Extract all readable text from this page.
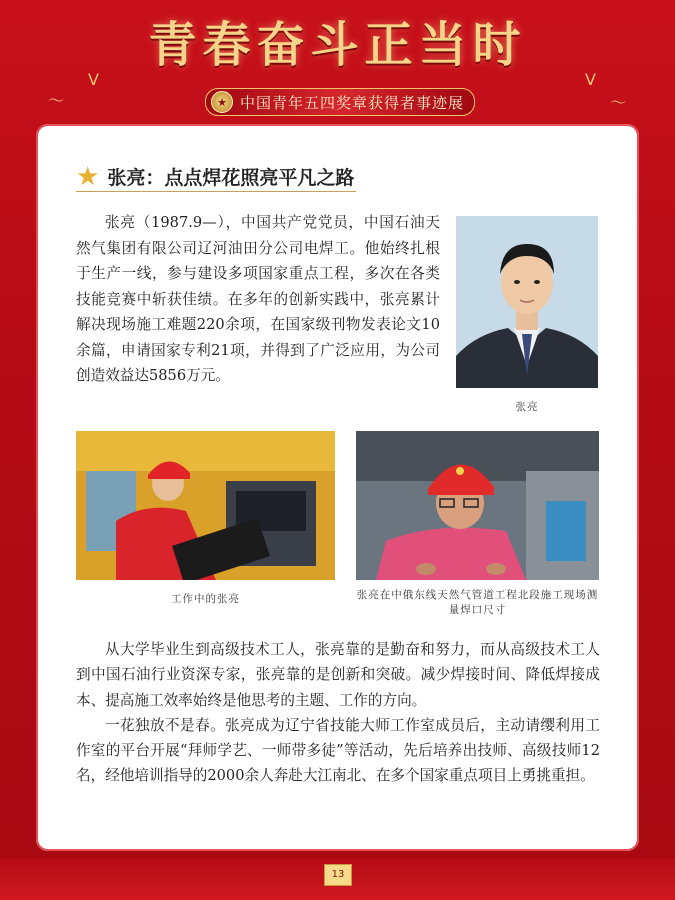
〜
ᐯ	ᐯ
〜
青春奋斗正当时
★ 中国青年五四奖章获得者事迹展
★ 张亮：点点焊花照亮平凡之路
张亮（1987.9—），中国共产党党员，中国石油天然气集团有限公司辽河油田分公司电焊工。他始终扎根于生产一线，参与建设多项国家重点工程，多次在各类技能竞赛中斩获佳绩。在多年的创新实践中，张亮累计解决现场施工难题220余项，在国家级刊物发表论文10余篇，申请国家专利21项，并得到了广泛应用，为公司创造效益达5856万元。
张亮
工作中的张亮	张亮在中俄东线天然气管道工程北段施工现场测量焊口尺寸

从大学毕业生到高级技术工人，张亮靠的是勤奋和努力，而从高级技术工人到中国石油行业资深专家，张亮靠的是创新和突破。减少焊接时间、降低焊接成本、提高施工效率始终是他思考的主题、工作的方向。

一花独放不是春。张亮成为辽宁省技能大师工作室成员后，主动请缨利用工作室的平台开展“拜师学艺、一师带多徒”等活动，先后培养出技师、高级技师12名，经他培训指导的2000余人奔赴大江南北、在多个国家重点项目上勇挑重担。

13
